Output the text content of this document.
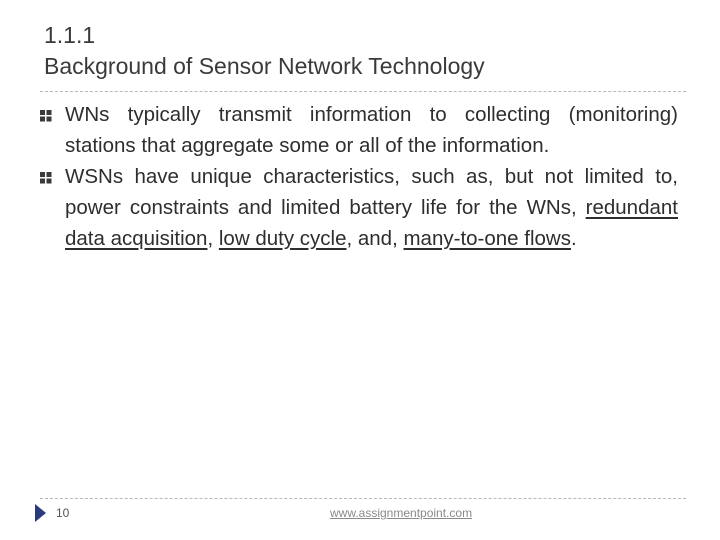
1.1.1
Background of Sensor Network Technology
WNs typically transmit information to collecting (monitoring) stations that aggregate some or all of the information.
WSNs have unique characteristics, such as, but not limited to, power constraints and limited battery life for the WNs, redundant data acquisition, low duty cycle, and, many-to-one flows.
10	www.assignmentpoint.com
